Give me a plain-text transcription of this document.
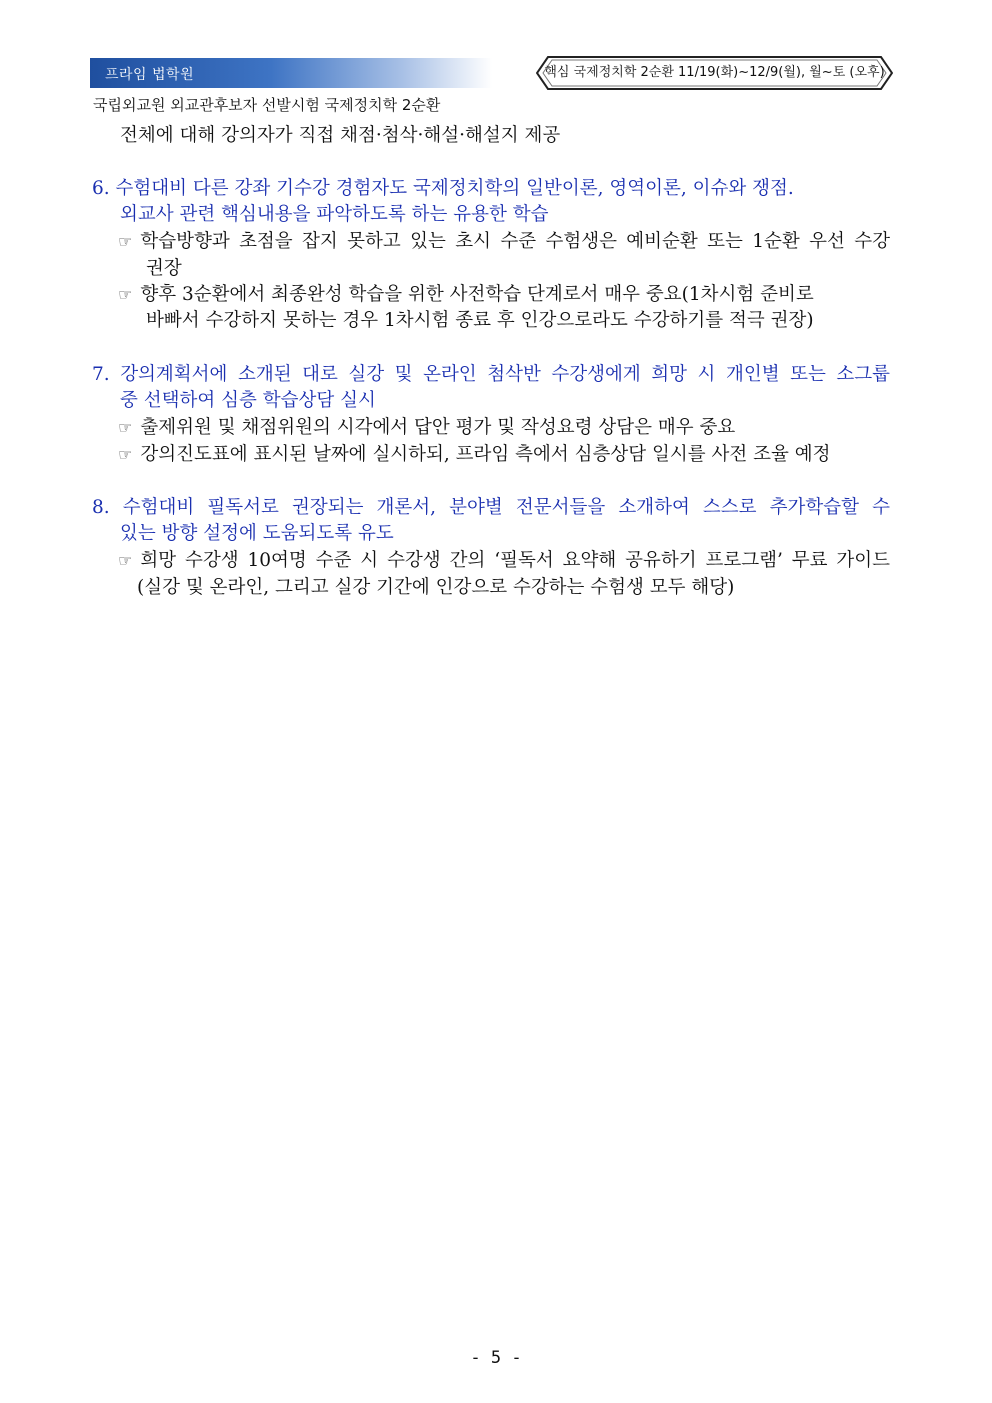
프라임 법학원	핵심 국제정치학 2순환 11/19(화)~12/9(월), 월~토 (오후)
국립외교원 외교관후보자 선발시험 국제정치학 2순환
전체에 대해 강의자가 직접 채점·첨삭·해설·해설지 제공
6. 수험대비 다른 강좌 기수강 경험자도 국제정치학의 일반이론, 영역이론, 이슈와 쟁점.
외교사 관련 핵심내용을 파악하도록 하는 유용한 학습
☞ 학습방향과 초점을 잡지 못하고 있는 초시 수준 수험생은 예비순환 또는 1순환 우선 수강
권장
☞ 향후 3순환에서 최종완성 학습을 위한 사전학습 단계로서 매우 중요(1차시험 준비로
바빠서 수강하지 못하는 경우 1차시험 종료 후 인강으로라도 수강하기를 적극 권장)
7. 강의계획서에 소개된 대로 실강 및 온라인 첨삭반 수강생에게 희망 시 개인별 또는 소그룹
중 선택하여 심층 학습상담 실시
☞ 출제위원 및 채점위원의 시각에서 답안 평가 및 작성요령 상담은 매우 중요
☞ 강의진도표에 표시된 날짜에 실시하되, 프라임 측에서 심층상담 일시를 사전 조율 예정
8. 수험대비 필독서로 권장되는 개론서, 분야별 전문서들을 소개하여 스스로 추가학습할 수
있는 방향 설정에 도움되도록 유도
☞ 희망 수강생 10여명 수준 시 수강생 간의 ‘필독서 요약해 공유하기 프로그램’ 무료 가이드
(실강 및 온라인, 그리고 실강 기간에 인강으로 수강하는 수험생 모두 해당)
- 5 -
